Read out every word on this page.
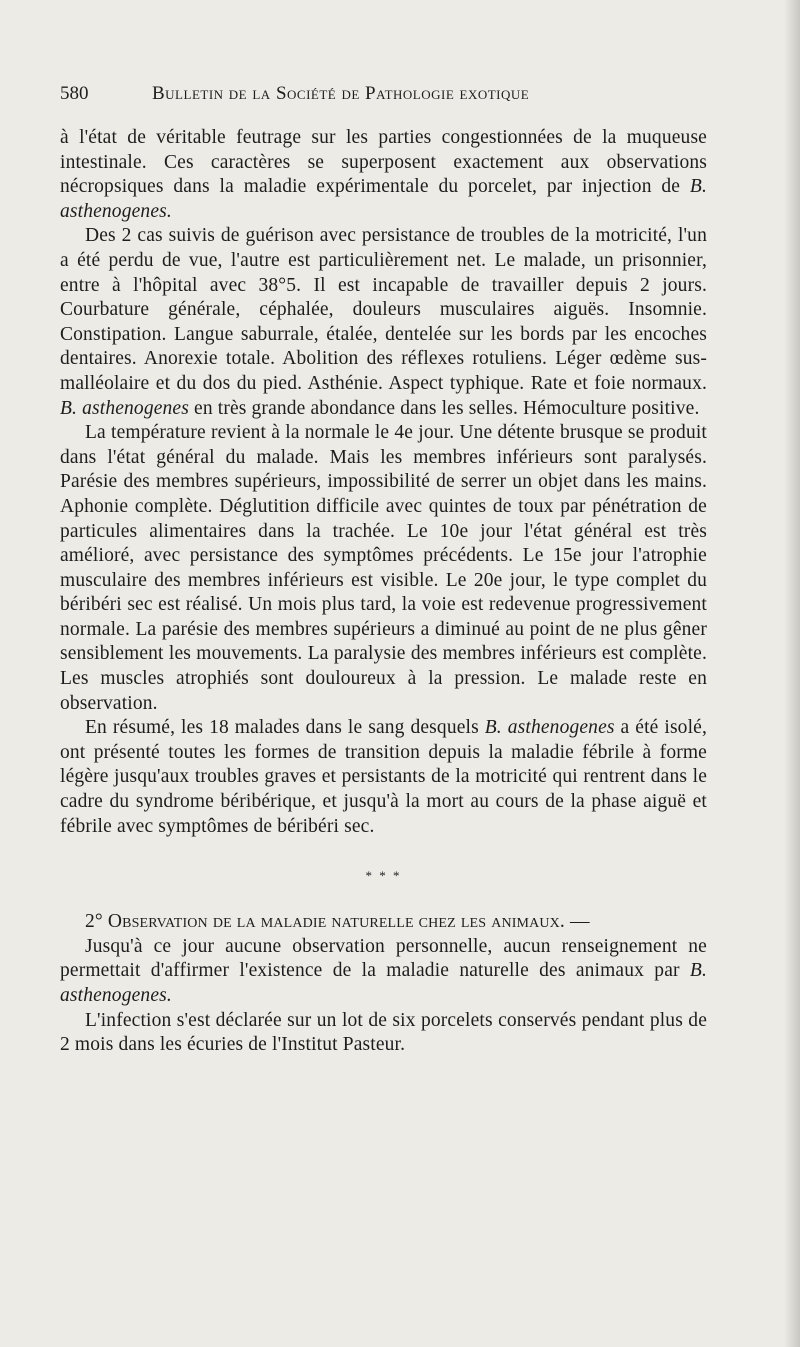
580	Bulletin de la Société de Pathologie exotique

à l'état de véritable feutrage sur les parties congestionnées de la muqueuse intestinale. Ces caractères se superposent exactement aux observations nécropsiques dans la maladie expérimentale du porcelet, par injection de B. asthenogenes.

Des 2 cas suivis de guérison avec persistance de troubles de la motricité, l'un a été perdu de vue, l'autre est particulièrement net. Le malade, un prisonnier, entre à l'hôpital avec 38°5. Il est incapable de travailler depuis 2 jours. Courbature générale, céphalée, douleurs musculaires aiguës. Insomnie. Constipation. Langue saburrale, étalée, dentelée sur les bords par les encoches dentaires. Anorexie totale. Abolition des réflexes rotuliens. Léger œdème sus-malléolaire et du dos du pied. Asthénie. Aspect typhique. Rate et foie normaux. B. asthenogenes en très grande abondance dans les selles. Hémoculture positive.

La température revient à la normale le 4e jour. Une détente brusque se produit dans l'état général du malade. Mais les membres inférieurs sont paralysés. Parésie des membres supérieurs, impossibilité de serrer un objet dans les mains. Aphonie complète. Déglutition difficile avec quintes de toux par pénétration de particules alimentaires dans la trachée. Le 10e jour l'état général est très amélioré, avec persistance des symptômes précédents. Le 15e jour l'atrophie musculaire des membres inférieurs est visible. Le 20e jour, le type complet du béribéri sec est réalisé. Un mois plus tard, la voie est redevenue progressivement normale. La parésie des membres supérieurs a diminué au point de ne plus gêner sensiblement les mouvements. La paralysie des membres inférieurs est complète. Les muscles atrophiés sont douloureux à la pression. Le malade reste en observation.

En résumé, les 18 malades dans le sang desquels B. asthenogenes a été isolé, ont présenté toutes les formes de transition depuis la maladie fébrile à forme légère jusqu'aux troubles graves et persistants de la motricité qui rentrent dans le cadre du syndrome béribérique, et jusqu'à la mort au cours de la phase aiguë et fébrile avec symptômes de béribéri sec.

* * *

2° Observation de la maladie naturelle chez les animaux. —

Jusqu'à ce jour aucune observation personnelle, aucun renseignement ne permettait d'affirmer l'existence de la maladie naturelle des animaux par B. asthenogenes.

L'infection s'est déclarée sur un lot de six porcelets conservés pendant plus de 2 mois dans les écuries de l'Institut Pasteur.
